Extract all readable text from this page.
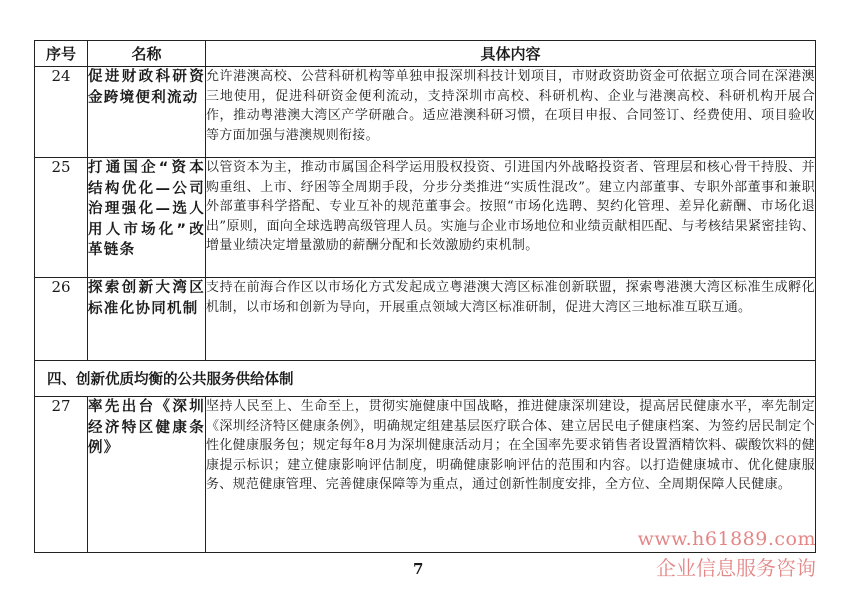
序号	名称	具体内容
24	促进财政科研资金跨境便利流动	允许港澳高校、公营科研机构等单独申报深圳科技计划项目，市财政资助资金可依据立项合同在深港澳三地使用，促进科研资金便利流动，支持深圳市高校、科研机构、企业与港澳高校、科研机构开展合作，推动粤港澳大湾区产学研融合。适应港澳科研习惯，在项目申报、合同签订、经费使用、项目验收等方面加强与港澳规则衔接。
25	打通国企“资本结构优化—公司治理强化—选人用人市场化”改革链条	以管资本为主，推动市属国企科学运用股权投资、引进国内外战略投资者、管理层和核心骨干持股、并购重组、上市、纾困等全周期手段，分步分类推进“实质性混改”。建立内部董事、专职外部董事和兼职外部董事科学搭配、专业互补的规范董事会。按照“市场化选聘、契约化管理、差异化薪酬、市场化退出”原则，面向全球选聘高级管理人员。实施与企业市场地位和业绩贡献相匹配、与考核结果紧密挂钩、增量业绩决定增量激励的薪酬分配和长效激励约束机制。
26	探索创新大湾区标准化协同机制	支持在前海合作区以市场化方式发起成立粤港澳大湾区标准创新联盟，探索粤港澳大湾区标准生成孵化机制，以市场和创新为导向，开展重点领域大湾区标准研制，促进大湾区三地标准互联互通。
四、创新优质均衡的公共服务供给体制		
27	率先出台《深圳经济特区健康条例》	坚持人民至上、生命至上，贯彻实施健康中国战略，推进健康深圳建设，提高居民健康水平，率先制定《深圳经济特区健康条例》，明确规定组建基层医疗联合体、建立居民电子健康档案、为签约居民制定个性化健康服务包；规定每年8月为深圳健康活动月；在全国率先要求销售者设置酒精饮料、碳酸饮料的健康提示标识；建立健康影响评估制度，明确健康影响评估的范围和内容。以打造健康城市、优化健康服务、规范健康管理、完善健康保障等为重点，通过创新性制度安排，全方位、全周期保障人民健康。
7
www.h61889.com
企业信息服务咨询
